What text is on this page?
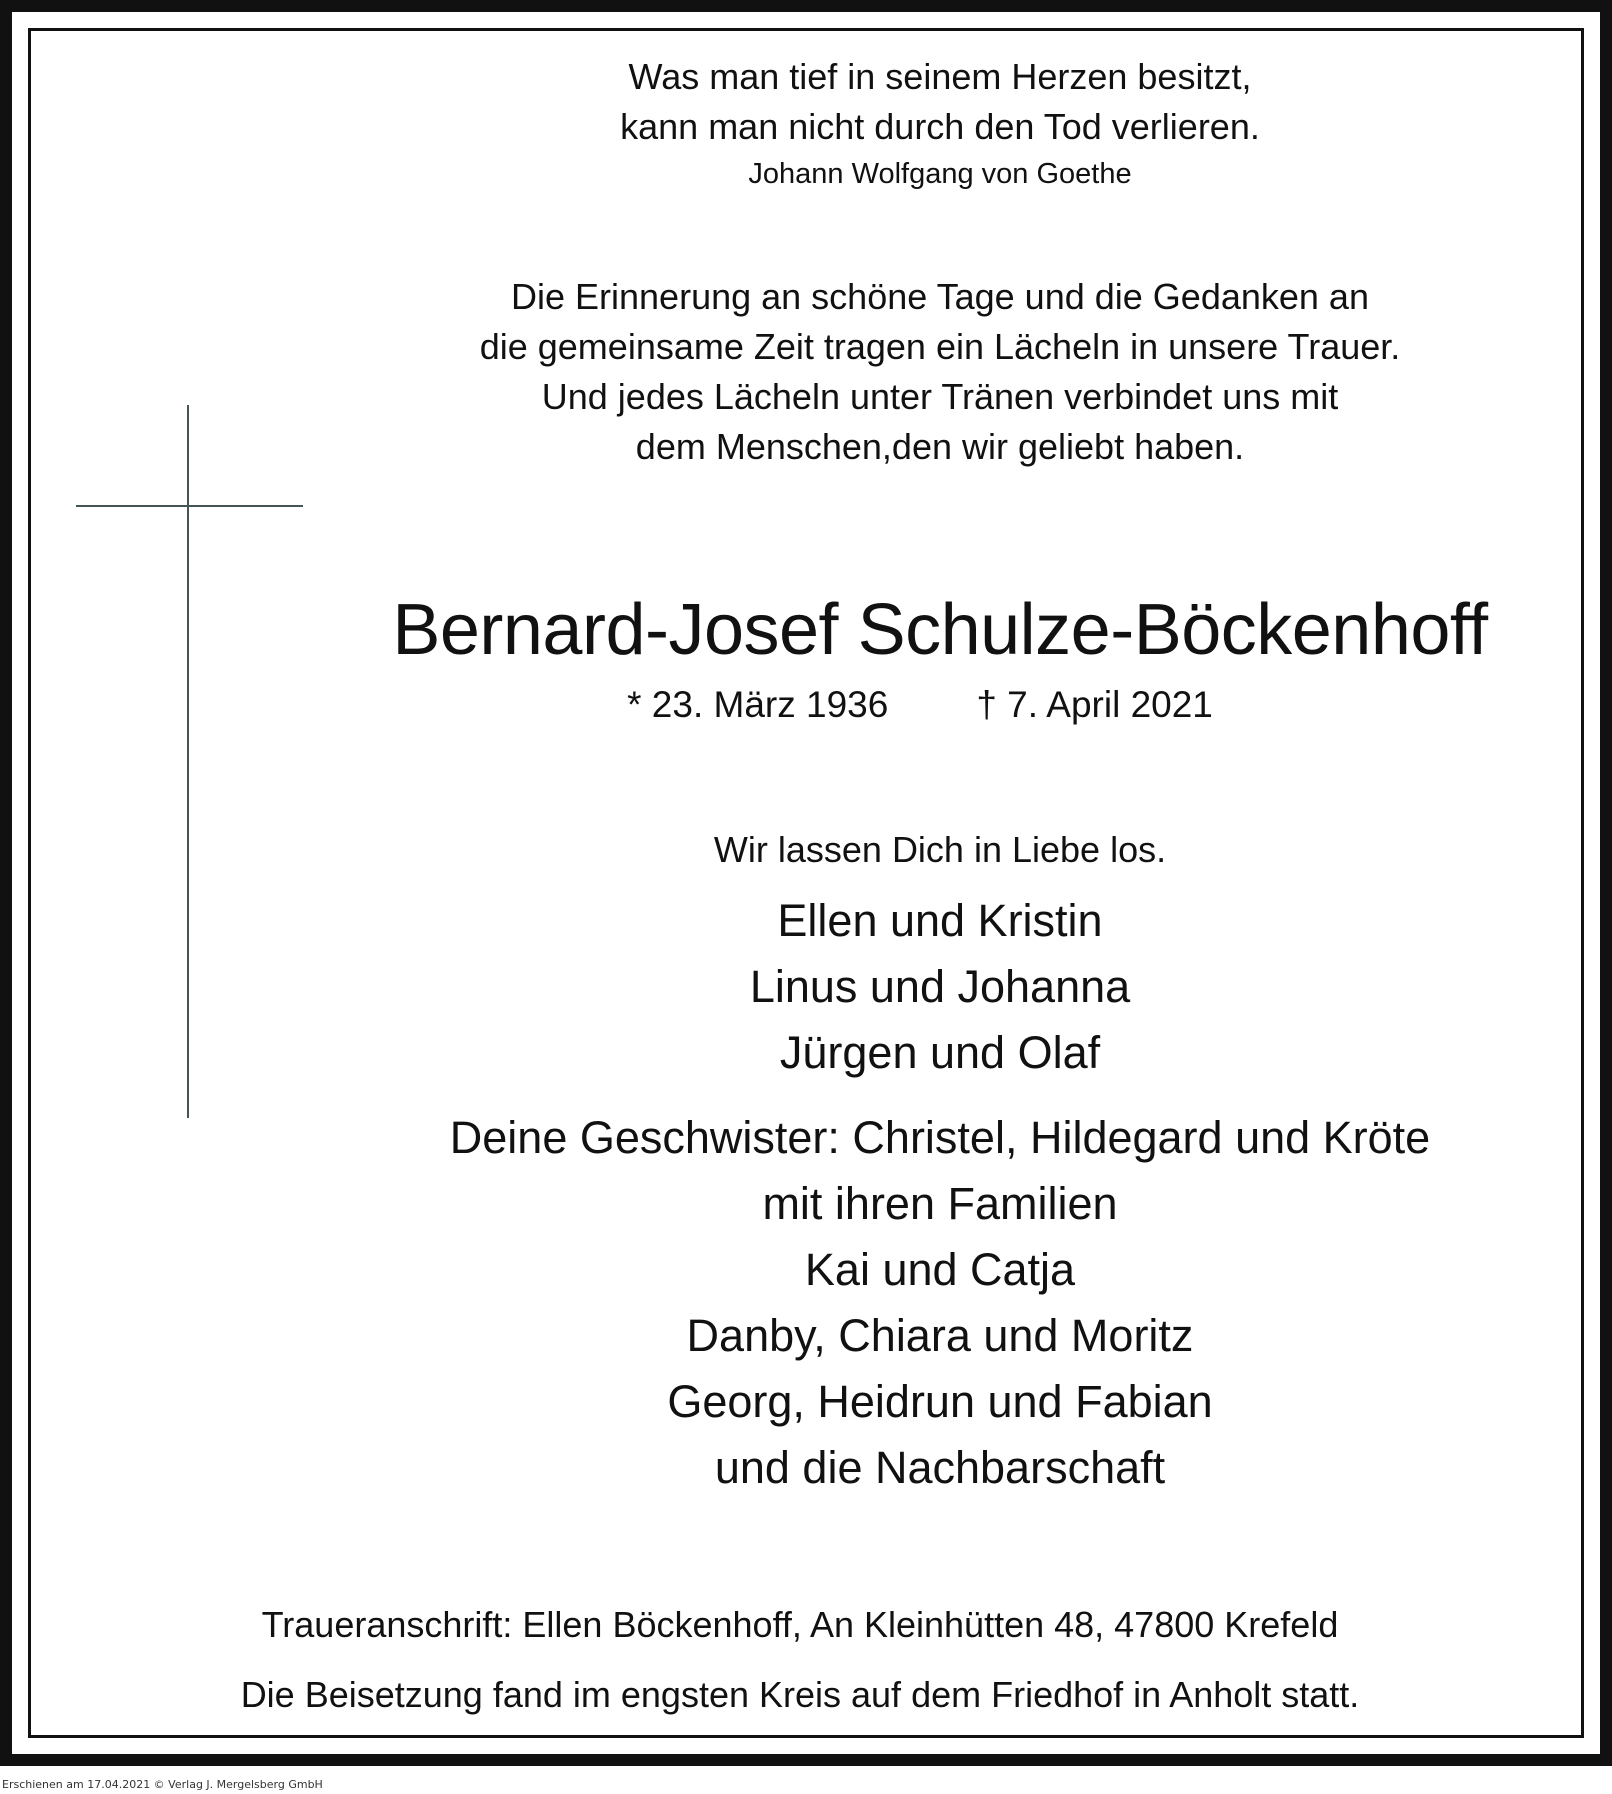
Was man tief in seinem Herzen besitzt,
kann man nicht durch den Tod verlieren.
Johann Wolfgang von Goethe
Die Erinnerung an schöne Tage und die Gedanken an
die gemeinsame Zeit tragen ein Lächeln in unsere Trauer.
Und jedes Lächeln unter Tränen verbindet uns mit
dem Menschen,den wir geliebt haben.
Bernard-Josef Schulze-Böckenhoff
* 23. März 1936 † 7. April 2021
Wir lassen Dich in Liebe los.
Ellen und Kristin
Linus und Johanna
Jürgen und Olaf
Deine Geschwister: Christel, Hildegard und Kröte
mit ihren Familien
Kai und Catja
Danby, Chiara und Moritz
Georg, Heidrun und Fabian
und die Nachbarschaft
Traueranschrift: Ellen Böckenhoff, An Kleinhütten 48, 47800 Krefeld
Die Beisetzung fand im engsten Kreis auf dem Friedhof in Anholt statt.
Erschienen am 17.04.2021 © Verlag J. Mergelsberg GmbH
